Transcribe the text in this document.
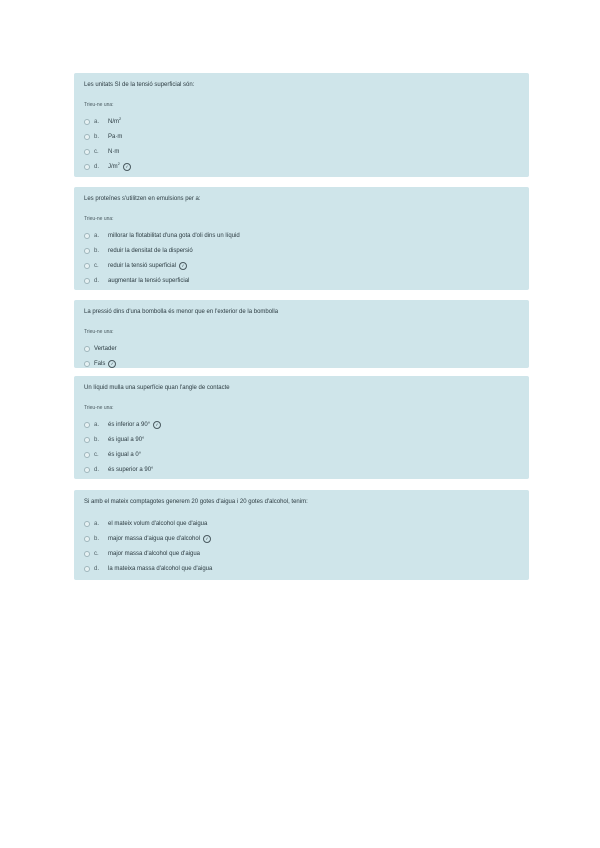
Les unitats SI de la tensió superficial són:
Trieu-ne una:
a.	$N/m^2$
b.	Pa·m
c.	N·m
d.	$J/m^2$
✓
Les proteïnes s'utilitzen en emulsions per a:
Trieu-ne una:
a.	millorar la flotabilitat d'una gota d'oli dins un líquid
b.	reduir la densitat de la dispersió
c.	reduir la tensió superficial	✓
d.	augmentar la tensió superficial
La pressió dins d'una bombolla és menor que en l'exterior de la bombolla
Trieu-ne una:
Vertader
Fals	✓
Un líquid mulla una superfície quan l'angle de contacte
Trieu-ne una:
a.	és inferior a 90°	✓
b.	és igual a 90°
c.	és igual a 0°
d.	és superior a 90°
Si amb el mateix comptagotes generem 20 gotes d'aigua i 20 gotes d'alcohol, tenim:
a.	el mateix volum d'alcohol que d'aigua
b.	major massa d'aigua que d'alcohol	✓
c.	major massa d'alcohol que d'aigua
d.	la mateixa massa d'alcohol que d'aigua
